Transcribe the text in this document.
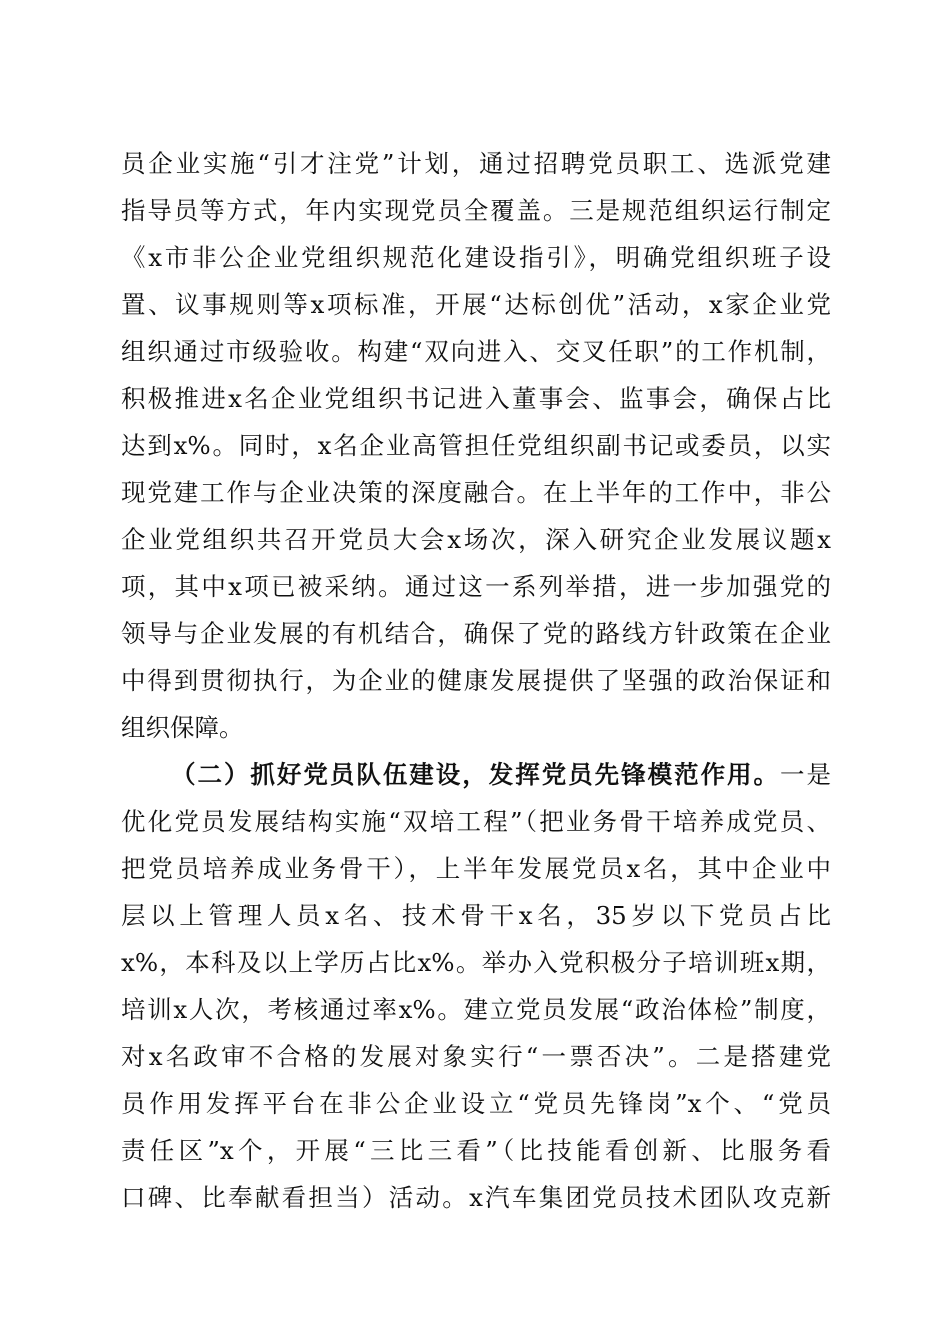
员企业实施“引才注党”计划，通过招聘党员职工、选派党建
指导员等方式，年内实现党员全覆盖。三是规范组织运行制定
《x市非公企业党组织规范化建设指引》，明确党组织班子设
置、议事规则等x项标准，开展“达标创优”活动，x家企业党
组织通过市级验收。构建“双向进入、交叉任职”的工作机制，
积极推进x名企业党组织书记进入董事会、监事会，确保占比
达到x%。同时，x名企业高管担任党组织副书记或委员，以实
现党建工作与企业决策的深度融合。在上半年的工作中，非公
企业党组织共召开党员大会x场次，深入研究企业发展议题x
项，其中x项已被采纳。通过这一系列举措，进一步加强党的
领导与企业发展的有机结合，确保了党的路线方针政策在企业
中得到贯彻执行，为企业的健康发展提供了坚强的政治保证和
组织保障。
（二）抓好党员队伍建设，发挥党员先锋模范作用。一是
优化党员发展结构实施“双培工程”（把业务骨干培养成党员、
把党员培养成业务骨干），上半年发展党员x名，其中企业中
层以上管理人员x名、技术骨干x名，35岁以下党员占比
x%，本科及以上学历占比x%。举办入党积极分子培训班x期，
培训x人次，考核通过率x%。建立党员发展“政治体检”制度，
对x名政审不合格的发展对象实行“一票否决”。二是搭建党
员作用发挥平台在非公企业设立“党员先锋岗”x个、“党员
责任区”x个，开展“三比三看”（比技能看创新、比服务看
口碑、比奉献看担当）活动。x汽车集团党员技术团队攻克新
